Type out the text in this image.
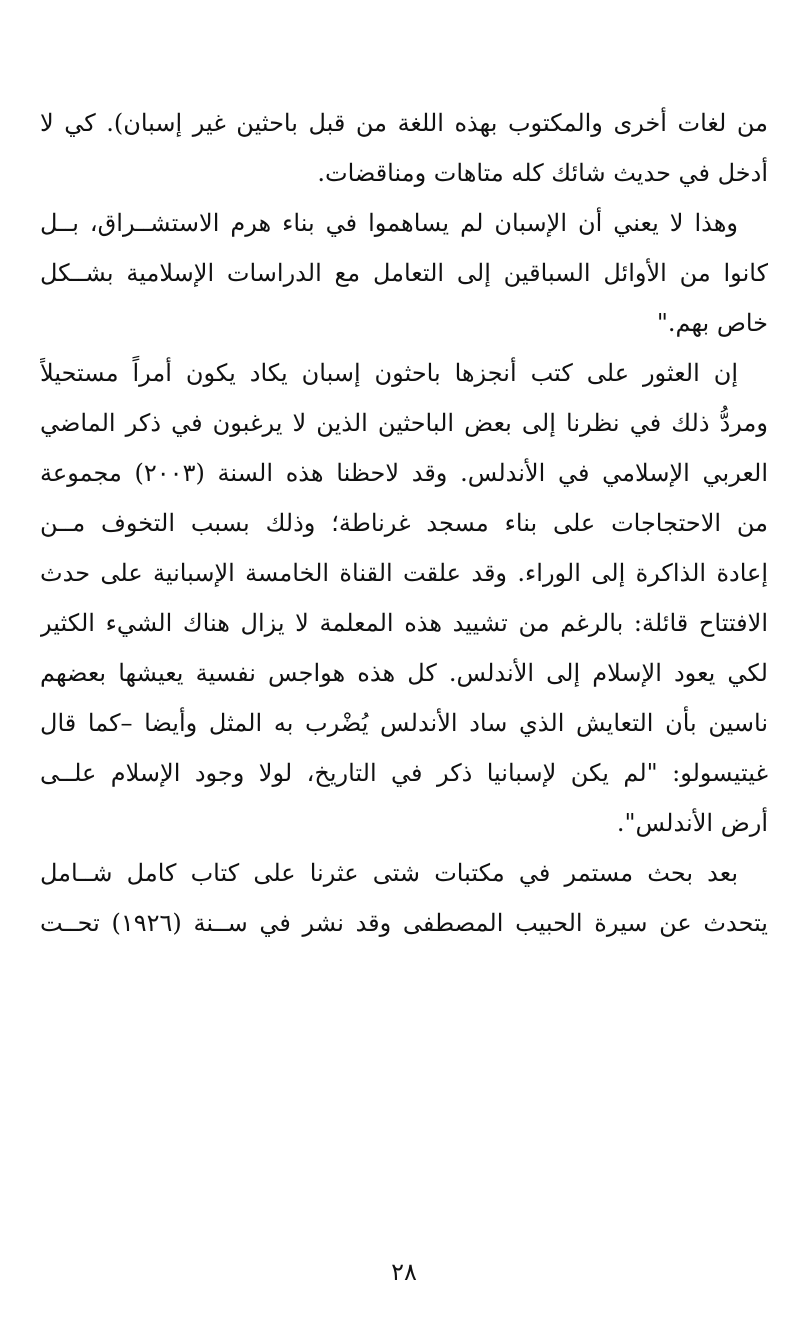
من لغات أخرى والمكتوب بهذه اللغة من قبل باحثين غير إسبان). كي لا
أدخل في حديث شائك كله متاهات ومناقضات.
وهذا لا يعني أن الإسبان لم يساهموا في بناء هرم الاستشــراق، بــل
كانوا من الأوائل السباقين إلى التعامل مع الدراسات الإسلامية بشــكل
خاص بهم."
إن العثور على كتب أنجزها باحثون إسبان يكاد يكون أمراً مستحيلاً
ومردُّ ذلك في نظرنا إلى بعض الباحثين الذين لا يرغبون في ذكر الماضي
العربي الإسلامي في الأندلس. وقد لاحظنا هذه السنة (٢٠٠٣) مجموعة
من الاحتجاجات على بناء مسجد غرناطة؛ وذلك بسبب التخوف مــن
إعادة الذاكرة إلى الوراء. وقد علقت القناة الخامسة الإسبانية على حدث
الافتتاح قائلة: بالرغم من تشييد هذه المعلمة لا يزال هناك الشيء الكثير
لكي يعود الإسلام إلى الأندلس. كل هذه هواجس نفسية يعيشها بعضهم
ناسين بأن التعايش الذي ساد الأندلس يُضْرب به المثل وأيضا –كما قال
غيتيسولو: "لم يكن لإسبانيا ذكر في التاريخ، لولا وجود الإسلام علــى
أرض الأندلس".
بعد بحث مستمر في مكتبات شتى عثرنا على كتاب كامل شــامل
يتحدث عن سيرة الحبيب المصطفى وقد نشر في ســنة (١٩٢٦) تحــت
٢٨
